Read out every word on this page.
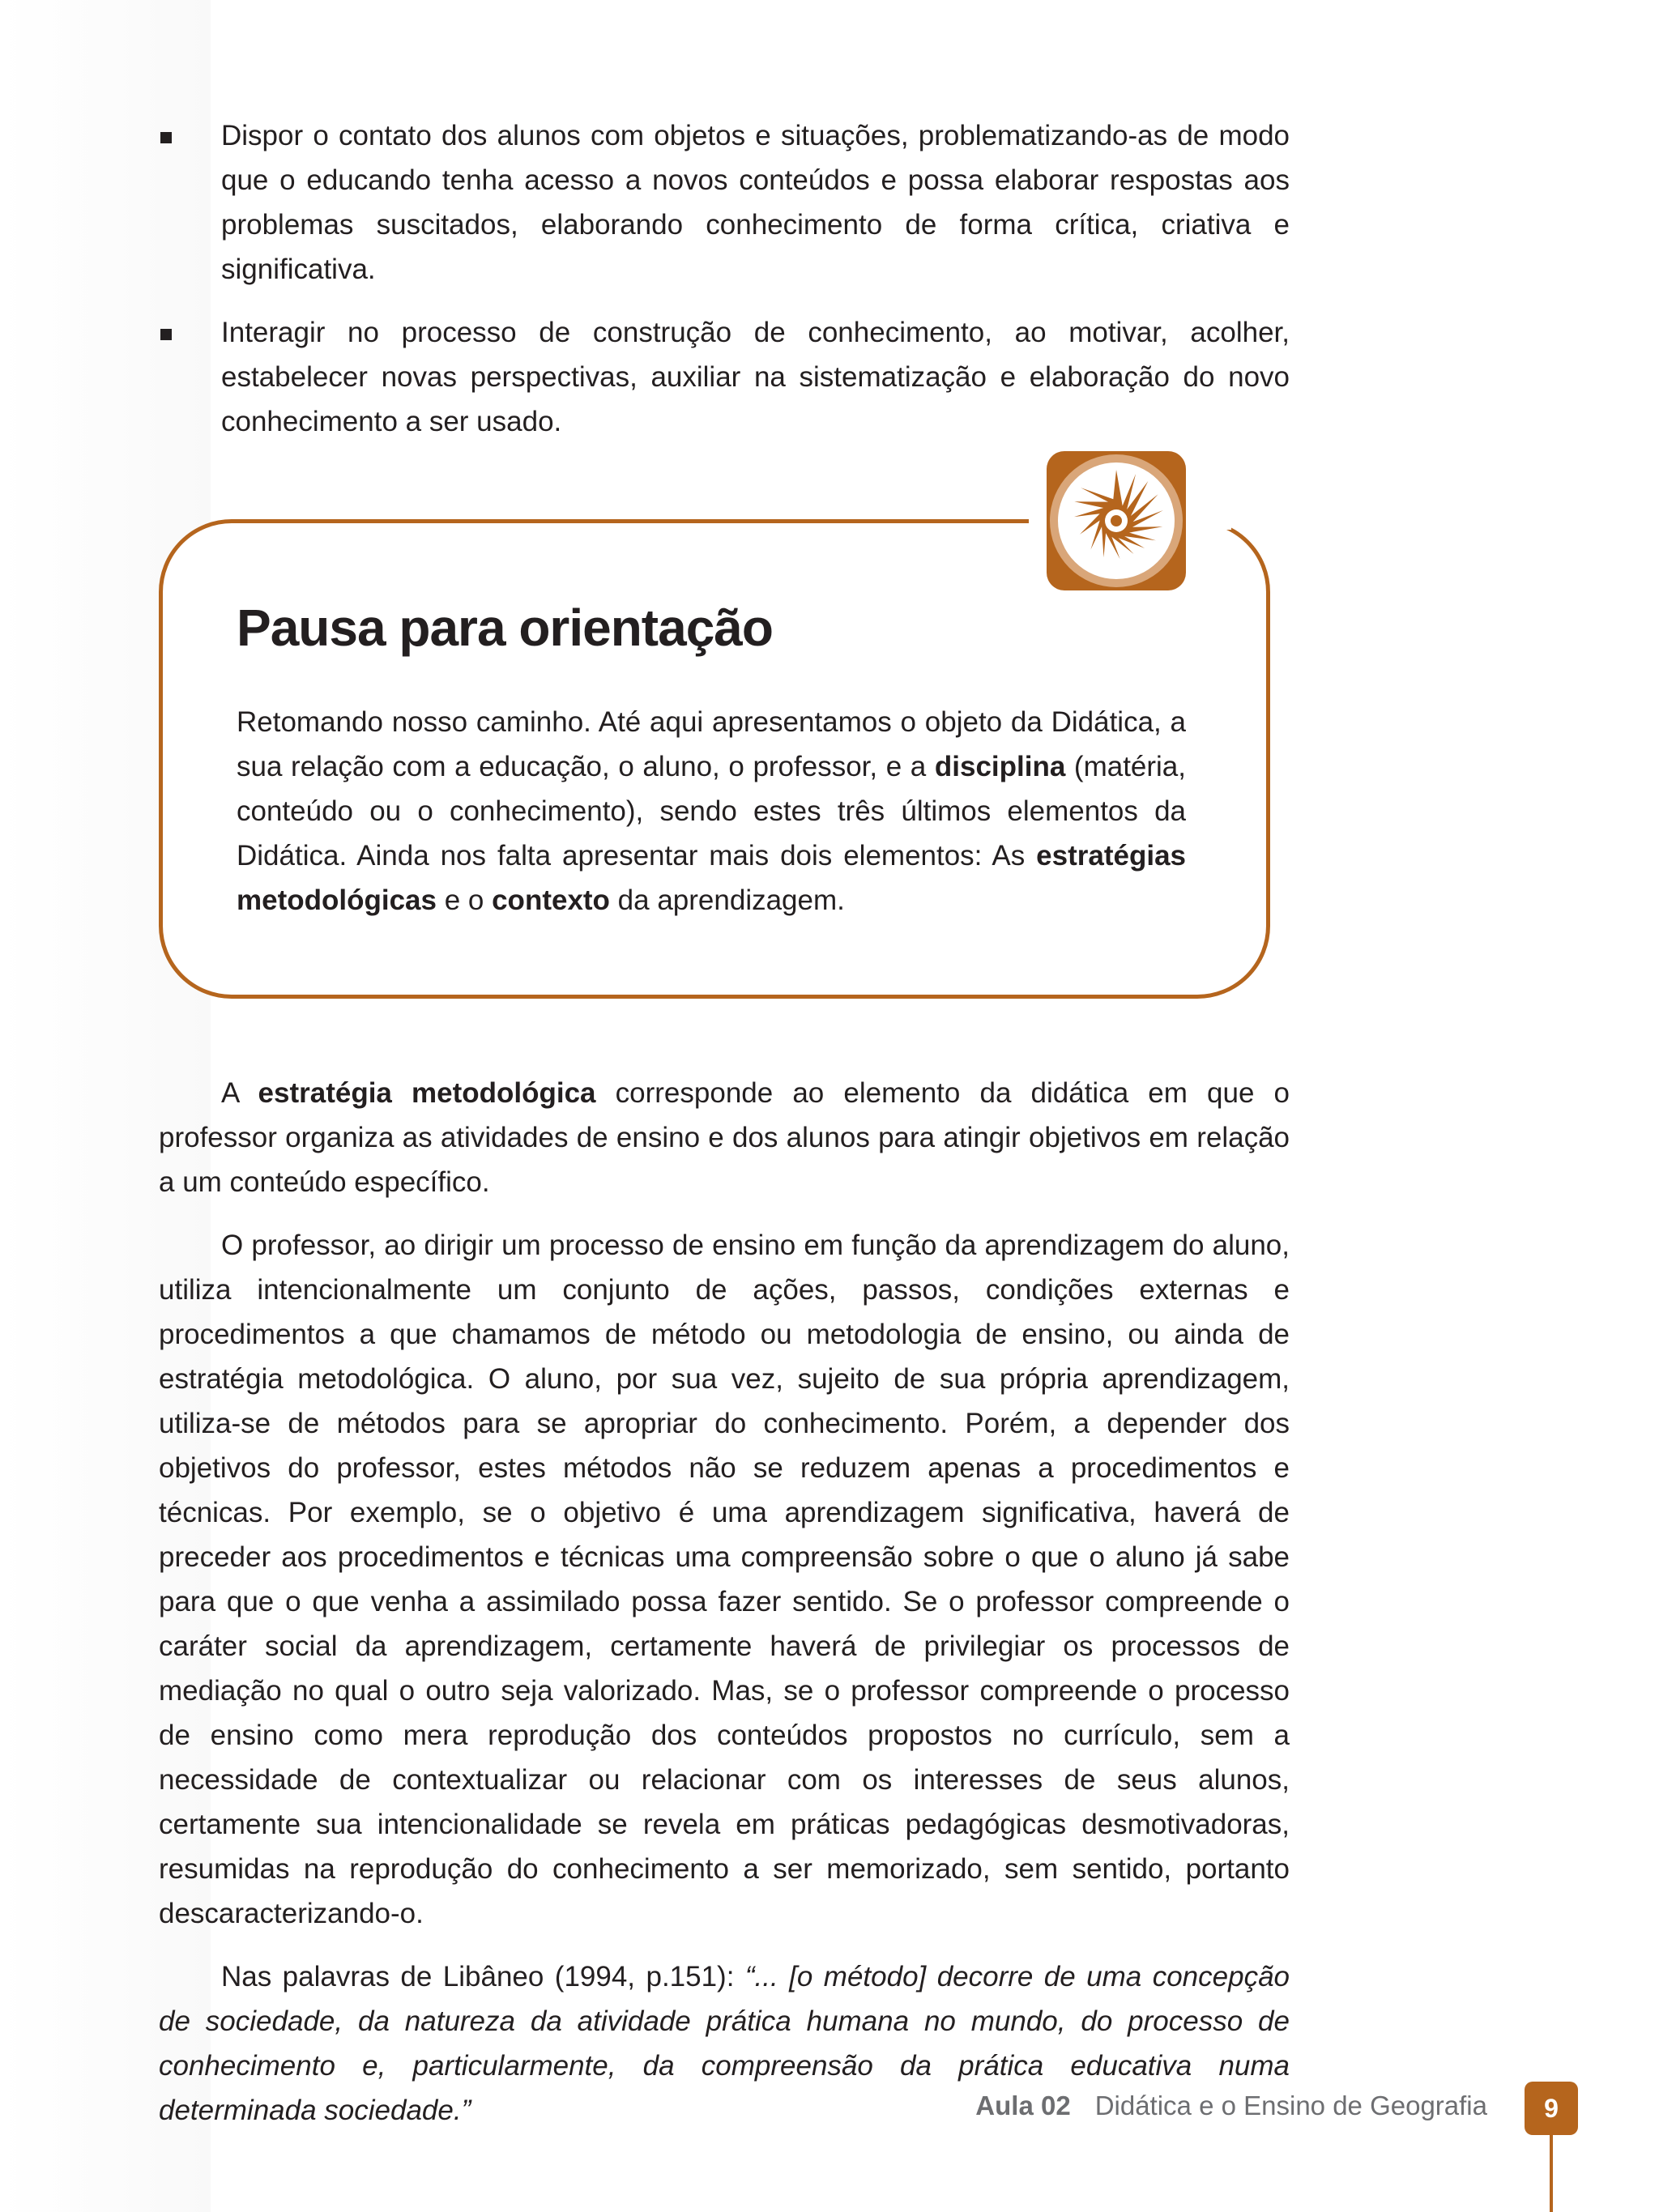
Dispor o contato dos alunos com objetos e situações, problematizando-as de modo que o educando tenha acesso a novos conteúdos e possa elaborar respostas aos problemas suscitados, elaborando conhecimento de forma crítica, criativa e significativa.
Interagir no processo de construção de conhecimento, ao motivar, acolher, estabelecer novas perspectivas, auxiliar na sistematização e elaboração do novo conhecimento a ser usado.
Pausa para orientação
Retomando nosso caminho. Até aqui apresentamos o objeto da Didática, a sua relação com a educação, o aluno, o professor, e a disciplina (matéria, conteúdo ou o conhecimento), sendo estes três últimos elementos da Didática. Ainda nos falta apresentar mais dois elementos: As estratégias metodológicas e o contexto da aprendizagem.

A estratégia metodológica corresponde ao elemento da didática em que o professor organiza as atividades de ensino e dos alunos para atingir objetivos em relação a um conteúdo específico.

O professor, ao dirigir um processo de ensino em função da aprendizagem do aluno, utiliza intencionalmente um conjunto de ações, passos, condições externas e procedimentos a que chamamos de método ou metodologia de ensino, ou ainda de estratégia metodológica. O aluno, por sua vez, sujeito de sua própria aprendizagem, utiliza-se de métodos para se apropriar do conhecimento. Porém, a depender dos objetivos do professor, estes métodos não se reduzem apenas a procedimentos e técnicas. Por exemplo, se o objetivo é uma aprendizagem significativa, haverá de preceder aos procedimentos e técnicas uma compreensão sobre o que o aluno já sabe para que o que venha a assimilado possa fazer sentido. Se o professor compreende o caráter social da aprendizagem, certamente haverá de privilegiar os processos de mediação no qual o outro seja valorizado. Mas, se o professor compreende o processo de ensino como mera reprodução dos conteúdos propostos no currículo, sem a necessidade de contextualizar ou relacionar com os interesses de seus alunos, certamente sua intencionalidade se revela em práticas pedagógicas desmotivadoras, resumidas na reprodução do conhecimento a ser memorizado, sem sentido, portanto descaracterizando-o.

Nas palavras de Libâneo (1994, p.151): “... [o método] decorre de uma concepção de sociedade, da natureza da atividade prática humana no mundo, do processo de conhecimento e, particularmente, da compreensão da prática educativa numa determinada sociedade.”	Aula 02 Didática e o Ensino de Geografia	9
